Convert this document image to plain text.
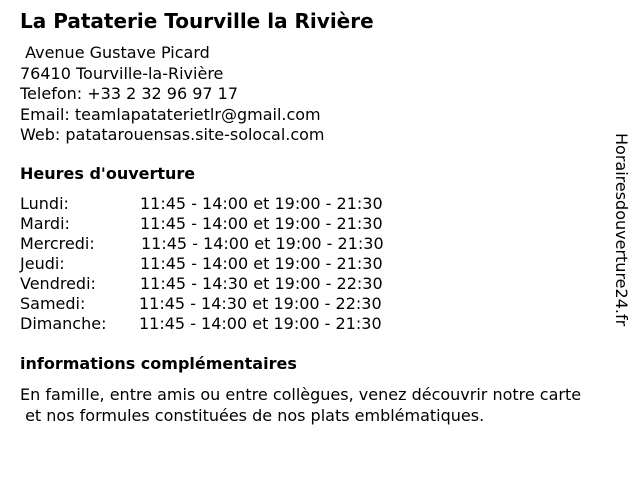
La Pataterie Tourville la Rivière
Avenue Gustave Picard
76410 Tourville-la-Rivière
Telefon: +33 2 32 96 97 17
Email: teamlapataterietlr@gmail.com
Web: patatarouensas.site-solocal.com
Heures d'ouverture
Lundi:	11:45 - 14:00 et 19:00 - 21:30
Mardi:	11:45 - 14:00 et 19:00 - 21:30
Mercredi:	11:45 - 14:00 et 19:00 - 21:30
Jeudi:	11:45 - 14:00 et 19:00 - 21:30
Vendredi:	11:45 - 14:30 et 19:00 - 22:30
Samedi:	11:45 - 14:30 et 19:00 - 22:30
Dimanche: 11:45 - 14:00 et 19:00 - 21:30
informations complémentaires
En famille, entre amis ou entre collègues, venez découvrir notre carte
et nos formules constituées de nos plats emblématiques.
Horairesdouverture24.fr
